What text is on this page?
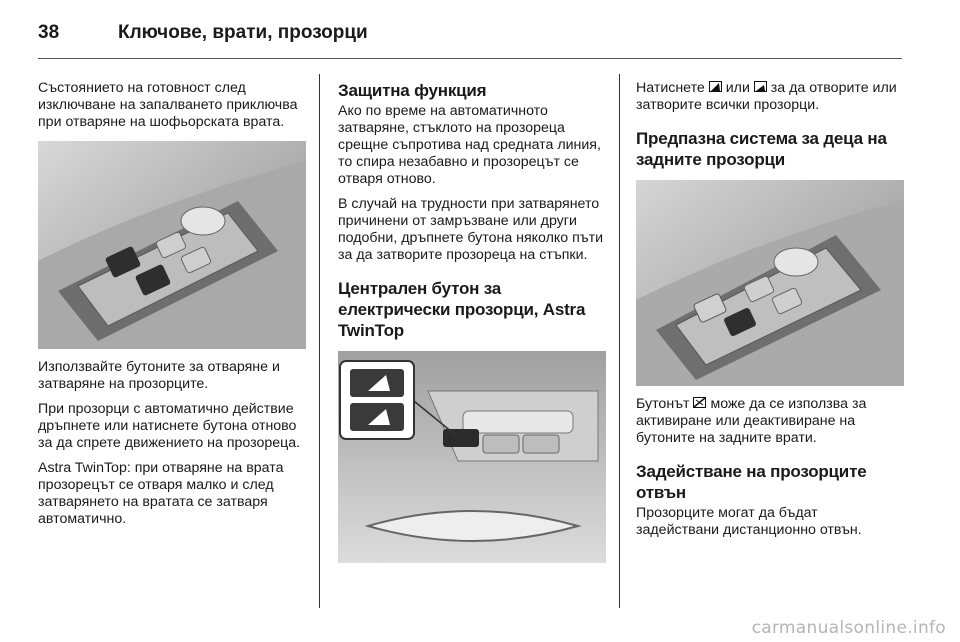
38	Ключове, врати, прозорци

Състоянието на готовност след изключване на запалването приключва при отваряне на шофьорската врата.

Използвайте бутоните за отваряне и затваряне на прозорците.

При прозорци с автоматично действие дръпнете или натиснете бутона отново за да спрете движението на прозореца.

Astra TwinTop: при отваряне на врата прозорецът се отваря малко и след затварянето на вратата се затваря автоматично.

Защитна функция

Ако по време на автоматичното затваряне, стъклото на прозореца срещне съпротива над средната линия, то спира незабавно и прозорецът се отваря отново.

В случай на трудности при затварянето причинени от замръзване или други подобни, дръпнете бутона няколко пъти за да затворите прозореца на стъпки.

Централен бутон за електрически прозорци, Astra TwinTop

Натиснете или за да отворите или затворите всички прозорци.

Предпазна система за деца на задните прозорци

Бутонът може да се използва за активиране или деактивиране на бутоните на задните врати.

Задействане на прозорците отвън

Прозорците могат да бъдат задействани дистанционно отвън.

carmanualsonline.info
